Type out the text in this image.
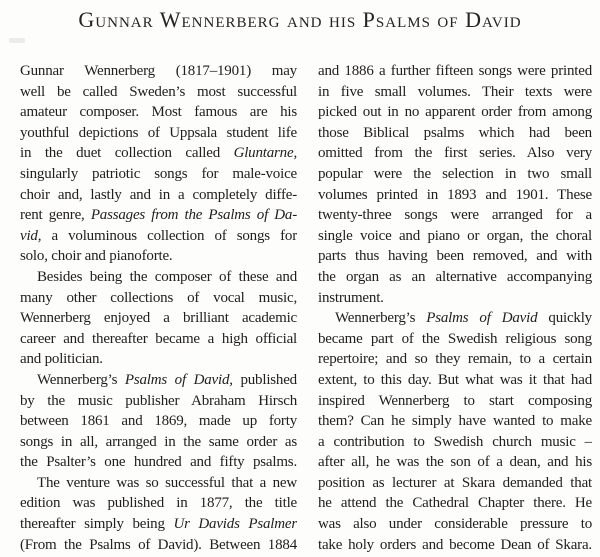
Gunnar Wennerberg and his Psalms of David
Gunnar Wennerberg (1817–1901) may
well be called Sweden’s most successful
amateur composer. Most famous are his
youthful depictions of Uppsala student life
in the duet collection called Gluntarne,
singularly patriotic songs for male-voice
choir and, lastly and in a completely diffe-
rent genre, Passages from the Psalms of Da-
vid, a voluminous collection of songs for
solo, choir and pianoforte.
Besides being the composer of these and
many other collections of vocal music,
Wennerberg enjoyed a brilliant academic
career and thereafter became a high official
and politician.
Wennerberg’s Psalms of David, published
by the music publisher Abraham Hirsch
between 1861 and 1869, made up forty
songs in all, arranged in the same order as
the Psalter’s one hundred and fifty psalms.
The venture was so successful that a new
edition was published in 1877, the title
thereafter simply being Ur Davids Psalmer
(From the Psalms of David). Between 1884
and 1886 a further fifteen songs were printed
in five small volumes. Their texts were
picked out in no apparent order from among
those Biblical psalms which had been
omitted from the first series. Also very
popular were the selection in two small
volumes printed in 1893 and 1901. These
twenty-three songs were arranged for a
single voice and piano or organ, the choral
parts thus having been removed, and with
the organ as an alternative accompanying
instrument.
Wennerberg’s Psalms of David quickly
became part of the Swedish religious song
repertoire; and so they remain, to a certain
extent, to this day. But what was it that had
inspired Wennerberg to start composing
them? Can he simply have wanted to make
a contribution to Swedish church music –
after all, he was the son of a dean, and his
position as lecturer at Skara demanded that
he attend the Cathedral Chapter there. He
was also under considerable pressure to
take holy orders and become Dean of Skara.
